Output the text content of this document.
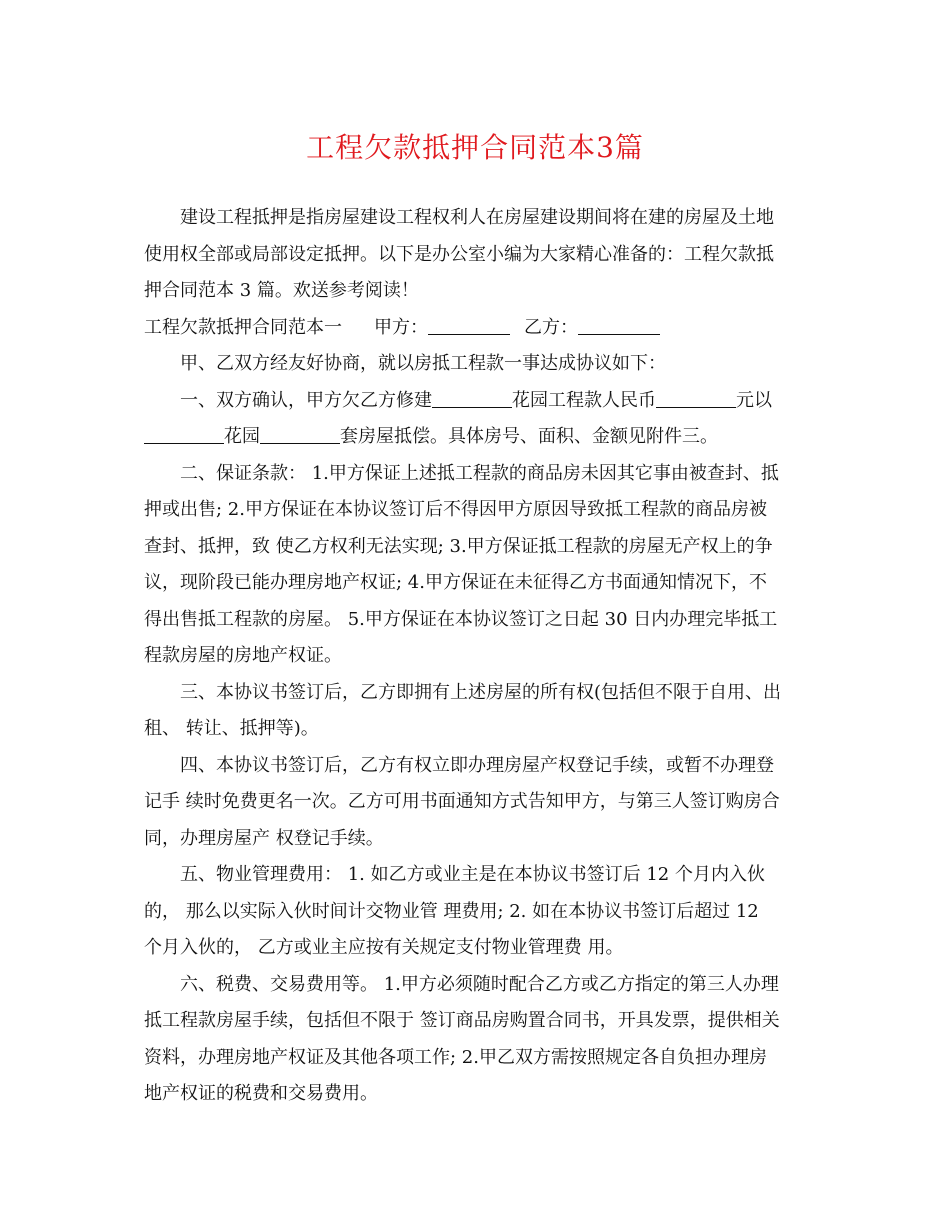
工程欠款抵押合同范本3篇

建设工程抵押是指房屋建设工程权利人在房屋建设期间将在建的房屋及土地
使用权全部或局部设定抵押。以下是办公室小编为大家精心准备的：工程欠款抵
押合同范本 3 篇。欢送参考阅读！

工程欠款抵押合同范本一 甲方：	乙方：

甲、乙双方经友好协商，就以房抵工程款一事达成协议如下：

一、双方确认，甲方欠乙方修建	花园工程款人民币	元以
花园	套房屋抵偿。具体房号、面积、金额见附件三。

二、保证条款： 1.甲方保证上述抵工程款的商品房未因其它事由被查封、抵
押或出售; 2.甲方保证在本协议签订后不得因甲方原因导致抵工程款的商品房被
查封、抵押，致 使乙方权利无法实现; 3.甲方保证抵工程款的房屋无产权上的争
议，现阶段已能办理房地产权证; 4.甲方保证在未征得乙方书面通知情况下，不
得出售抵工程款的房屋。 5.甲方保证在本协议签订之日起 30 日内办理完毕抵工
程款房屋的房地产权证。

三、本协议书签订后，乙方即拥有上述房屋的所有权(包括但不限于自用、出
租、 转让、抵押等)。

四、本协议书签订后，乙方有权立即办理房屋产权登记手续，或暂不办理登
记手 续时免费更名一次。乙方可用书面通知方式告知甲方，与第三人签订购房合
同，办理房屋产 权登记手续。

五、物业管理费用： 1. 如乙方或业主是在本协议书签订后 12 个月内入伙
的， 那么以实际入伙时间计交物业管 理费用; 2. 如在本协议书签订后超过 12
个月入伙的， 乙方或业主应按有关规定支付物业管理费 用。

六、税费、交易费用等。 1.甲方必须随时配合乙方或乙方指定的第三人办理
抵工程款房屋手续，包括但不限于 签订商品房购置合同书，开具发票，提供相关
资料，办理房地产权证及其他各项工作; 2.甲乙双方需按照规定各自负担办理房
地产权证的税费和交易费用。
